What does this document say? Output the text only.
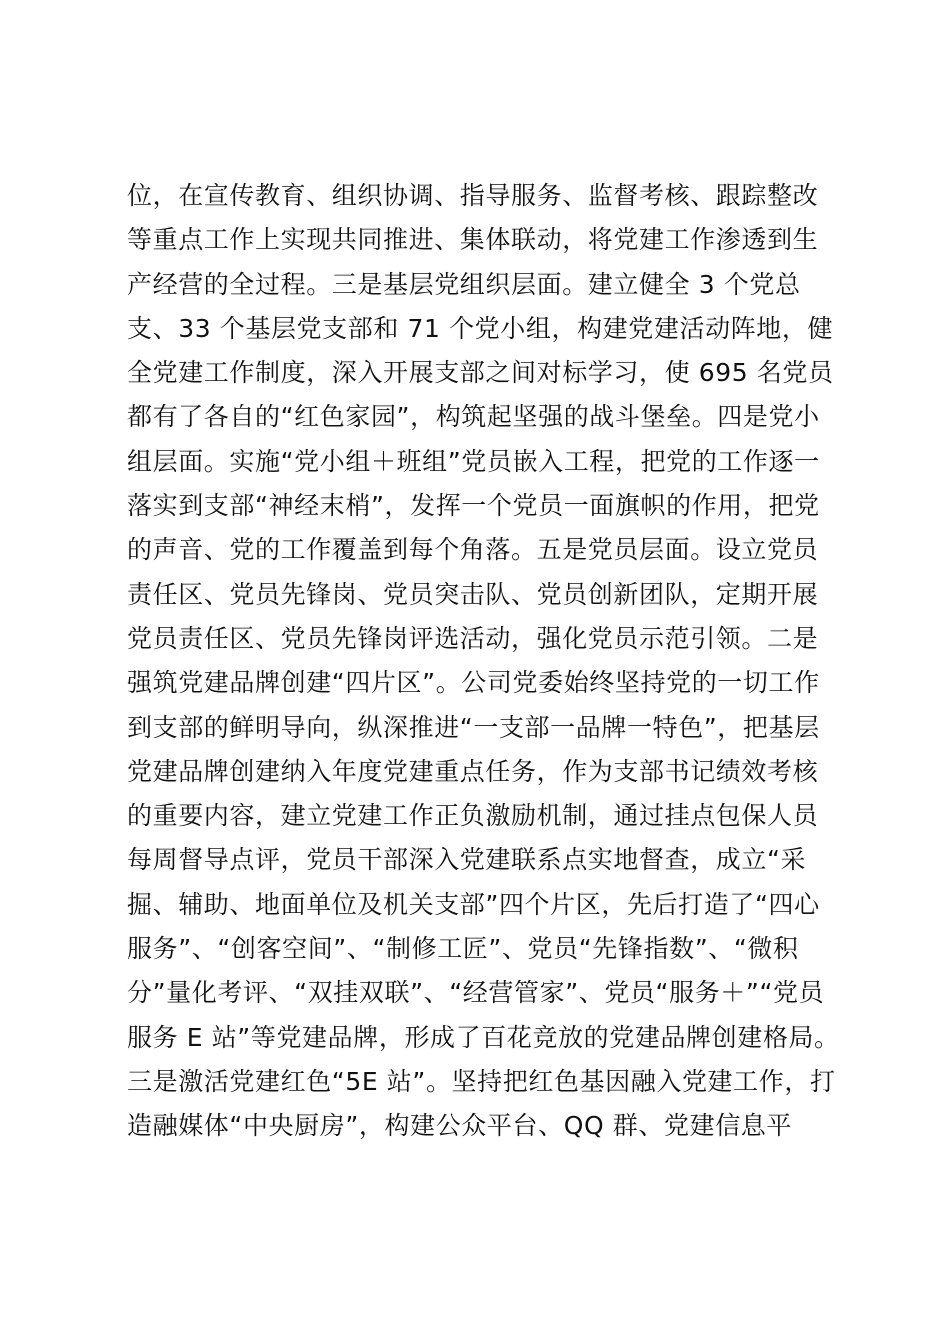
位，在宣传教育、组织协调、指导服务、监督考核、跟踪整改
等重点工作上实现共同推进、集体联动，将党建工作渗透到生
产经营的全过程。三是基层党组织层面。建立健全 3 个党总
支、33 个基层党支部和 71 个党小组，构建党建活动阵地，健
全党建工作制度，深入开展支部之间对标学习，使 695 名党员
都有了各自的“红色家园”，构筑起坚强的战斗堡垒。四是党小
组层面。实施“党小组＋班组”党员嵌入工程，把党的工作逐一
落实到支部“神经末梢”，发挥一个党员一面旗帜的作用，把党
的声音、党的工作覆盖到每个角落。五是党员层面。设立党员
责任区、党员先锋岗、党员突击队、党员创新团队，定期开展
党员责任区、党员先锋岗评选活动，强化党员示范引领。二是
强筑党建品牌创建“四片区”。公司党委始终坚持党的一切工作
到支部的鲜明导向，纵深推进“一支部一品牌一特色”，把基层
党建品牌创建纳入年度党建重点任务，作为支部书记绩效考核
的重要内容，建立党建工作正负激励机制，通过挂点包保人员
每周督导点评，党员干部深入党建联系点实地督查，成立“采
掘、辅助、地面单位及机关支部”四个片区，先后打造了“四心
服务”、“创客空间”、“制修工匠”、党员“先锋指数”、“微积
分”量化考评、“双挂双联”、“经营管家”、党员“服务＋”“党员
服务 E 站”等党建品牌，形成了百花竞放的党建品牌创建格局。
三是激活党建红色“5E 站”。坚持把红色基因融入党建工作，打
造融媒体“中央厨房”，构建公众平台、QQ 群、党建信息平
